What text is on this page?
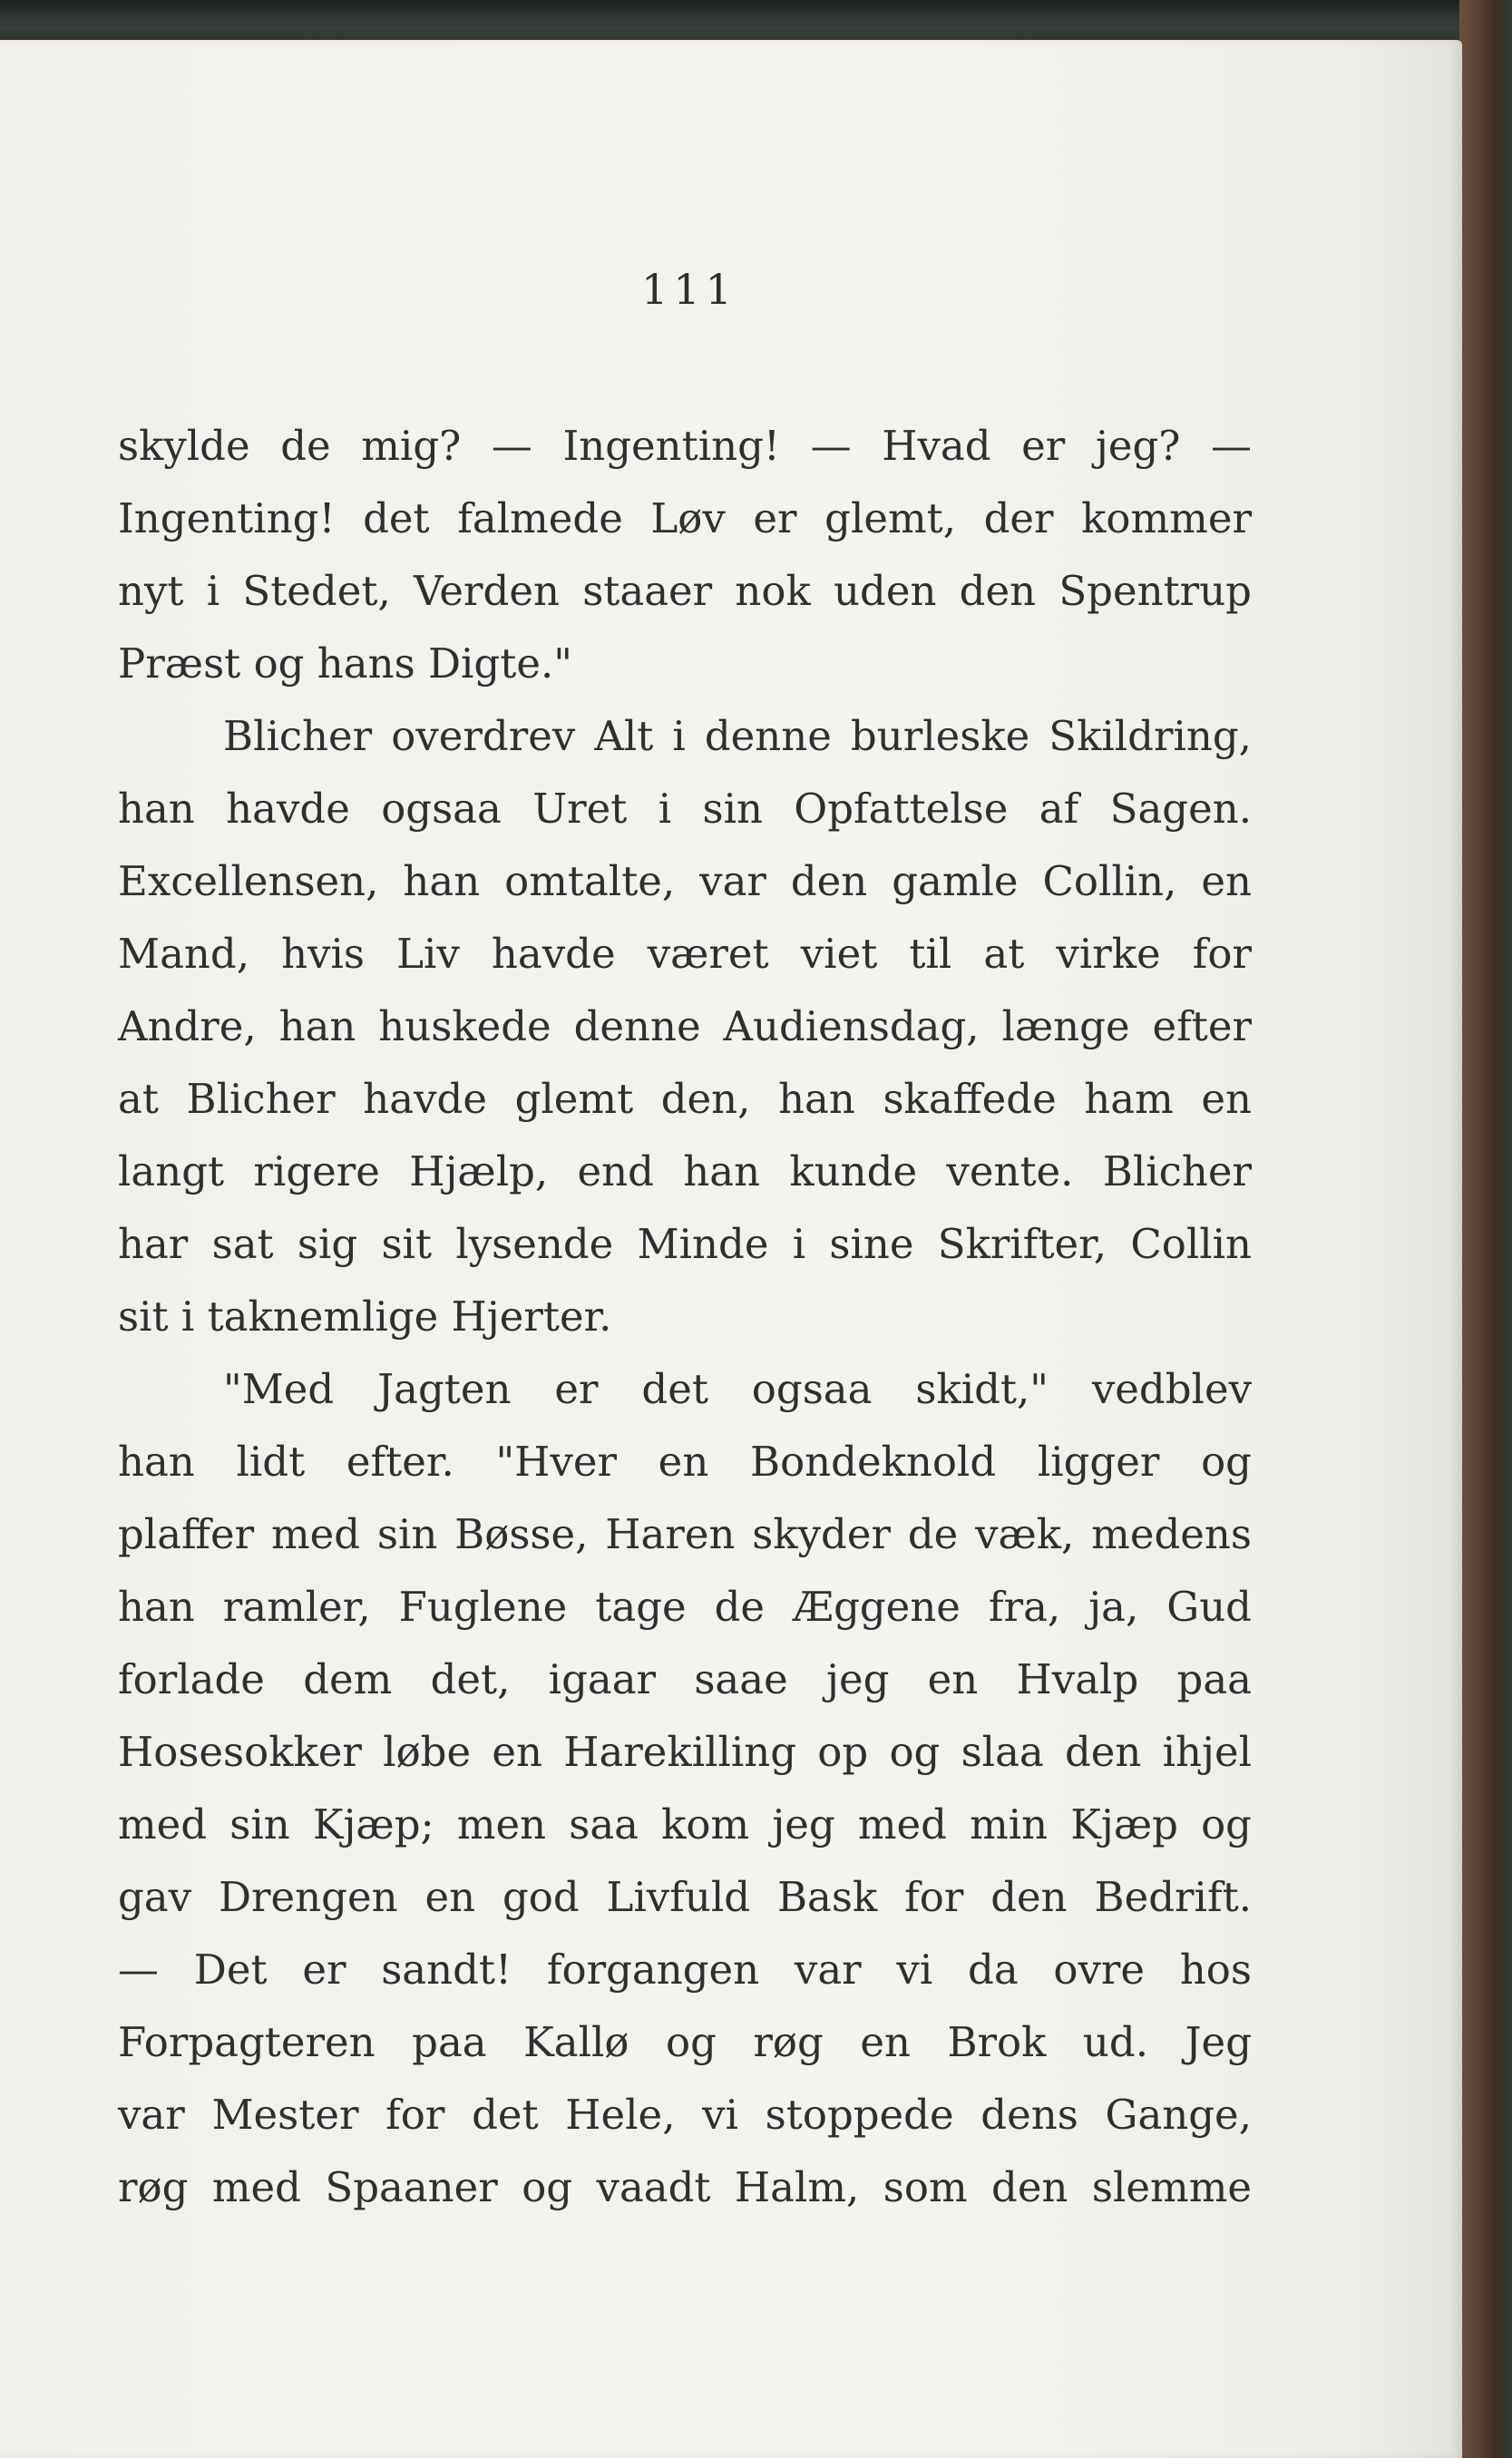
111
skylde de mig? — Ingenting! — Hvad er jeg? —
Ingenting! det falmede Løv er glemt, der kommer
nyt i Stedet, Verden staaer nok uden den Spentrup
Præst og hans Digte."
Blicher overdrev Alt i denne burleske Skildring,
han havde ogsaa Uret i sin Opfattelse af Sagen.
Excellensen, han omtalte, var den gamle Collin, en
Mand, hvis Liv havde været viet til at virke for
Andre, han huskede denne Audiensdag, længe efter
at Blicher havde glemt den, han skaffede ham en
langt rigere Hjælp, end han kunde vente. Blicher
har sat sig sit lysende Minde i sine Skrifter, Collin
sit i taknemlige Hjerter.
"Med Jagten er det ogsaa skidt," vedblev
han lidt efter. "Hver en Bondeknold ligger og
plaffer med sin Bøsse, Haren skyder de væk, medens
han ramler, Fuglene tage de Æggene fra, ja, Gud
forlade dem det, igaar saae jeg en Hvalp paa
Hosesokker løbe en Harekilling op og slaa den ihjel
med sin Kjæp; men saa kom jeg med min Kjæp og
gav Drengen en god Livfuld Bask for den Bedrift.
— Det er sandt! forgangen var vi da ovre hos
Forpagteren paa Kallø og røg en Brok ud. Jeg
var Mester for det Hele, vi stoppede dens Gange,
røg med Spaaner og vaadt Halm, som den slemme
